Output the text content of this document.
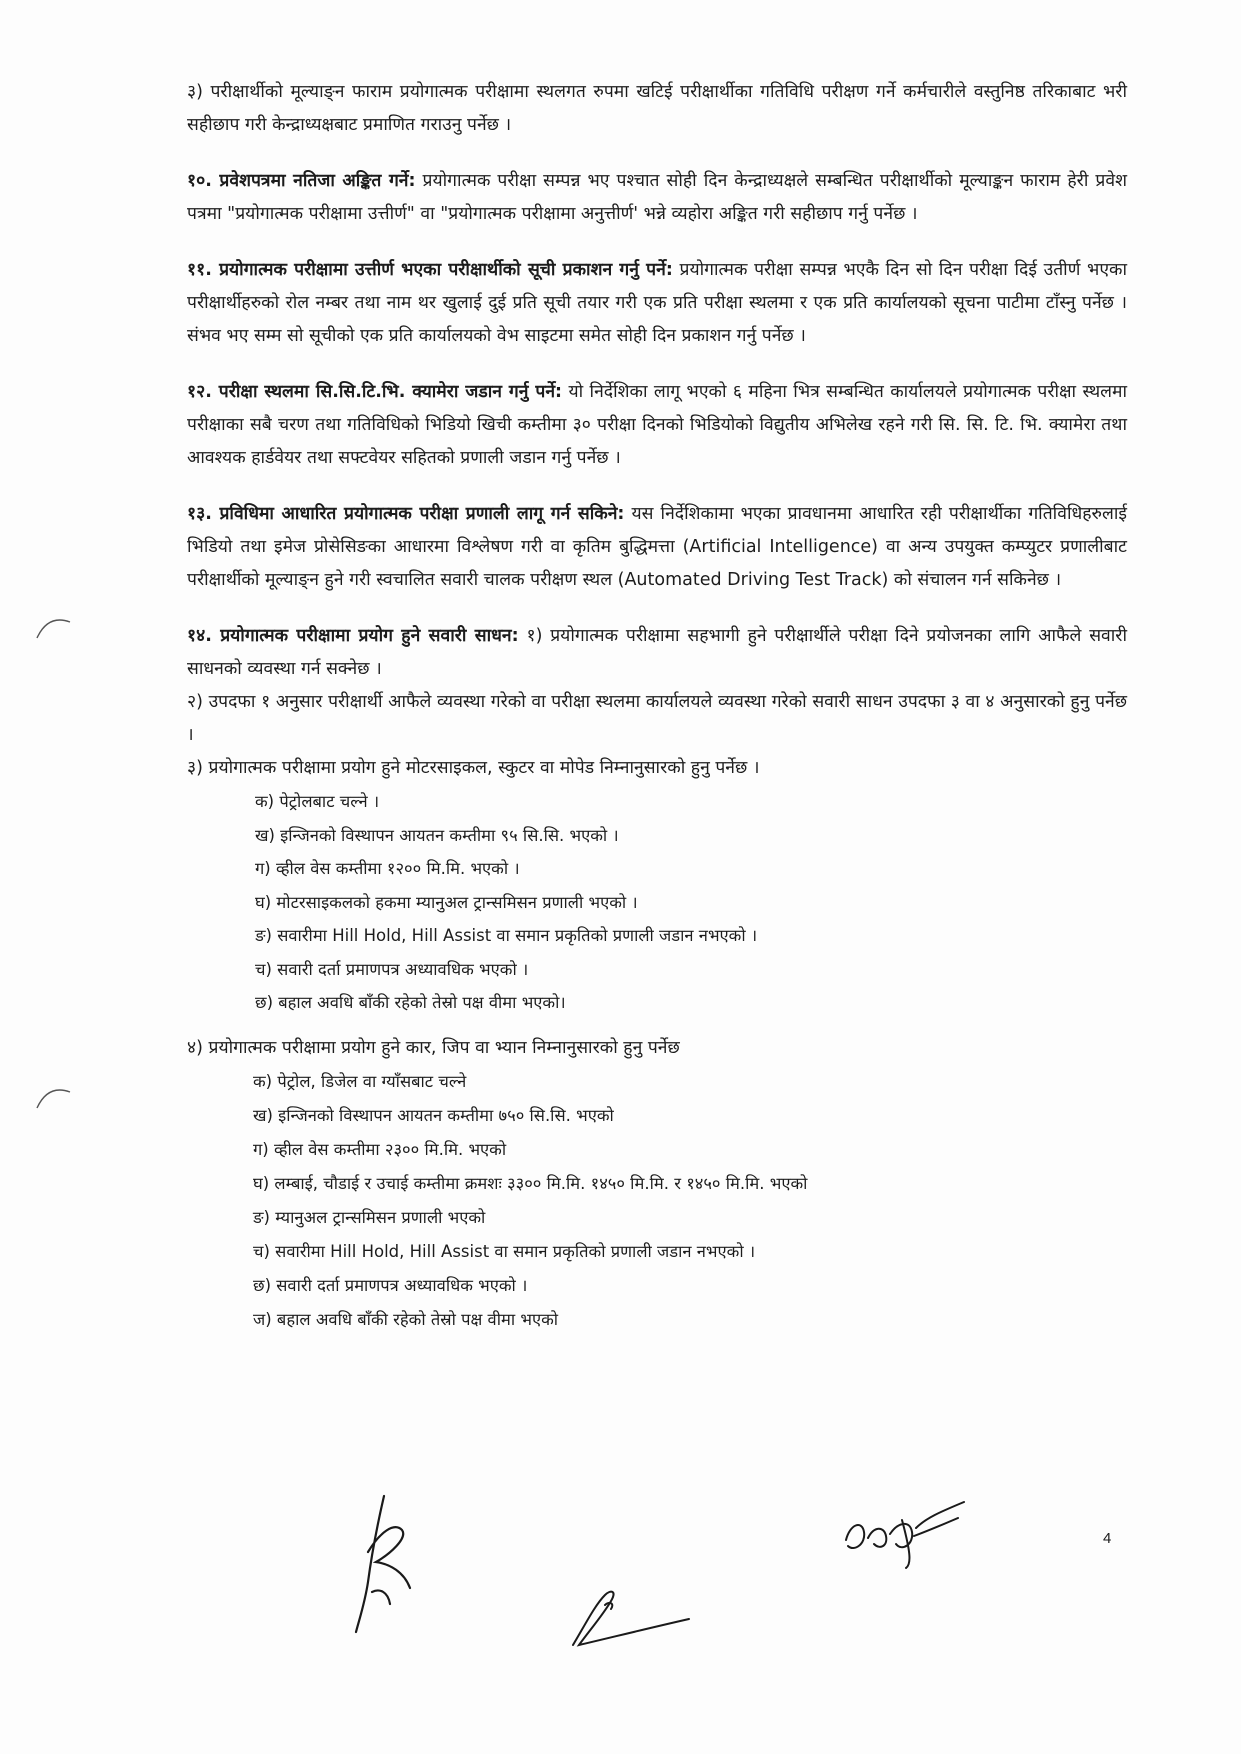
३) परीक्षार्थीको मूल्याङ्न फाराम प्रयोगात्मक परीक्षामा स्थलगत रुपमा खटिई परीक्षार्थीका गतिविधि परीक्षण गर्ने कर्मचारीले वस्तुनिष्ठ तरिकाबाट भरी सहीछाप गरी केन्द्राध्यक्षबाट प्रमाणित गराउनु पर्नेछ ।

१०. प्रवेशपत्रमा नतिजा अङ्कित गर्ने: प्रयोगात्मक परीक्षा सम्पन्न भए पश्चात सोही दिन केन्द्राध्यक्षले सम्बन्धित परीक्षार्थीको मूल्याङ्कन फाराम हेरी प्रवेश पत्रमा "प्रयोगात्मक परीक्षामा उत्तीर्ण" वा "प्रयोगात्मक परीक्षामा अनुत्तीर्ण' भन्ने व्यहोरा अङ्कित गरी सहीछाप गर्नु पर्नेछ ।

११. प्रयोगात्मक परीक्षामा उत्तीर्ण भएका परीक्षार्थीको सूची प्रकाशन गर्नु पर्ने: प्रयोगात्मक परीक्षा सम्पन्न भएकै दिन सो दिन परीक्षा दिई उतीर्ण भएका परीक्षार्थीहरुको रोल नम्बर तथा नाम थर खुलाई दुई प्रति सूची तयार गरी एक प्रति परीक्षा स्थलमा र एक प्रति कार्यालयको सूचना पाटीमा टाँस्नु पर्नेछ । संभव भए सम्म सो सूचीको एक प्रति कार्यालयको वेभ साइटमा समेत सोही दिन प्रकाशन गर्नु पर्नेछ ।

१२. परीक्षा स्थलमा सि.सि.टि.भि. क्यामेरा जडान गर्नु पर्ने: यो निर्देशिका लागू भएको ६ महिना भित्र सम्बन्धित कार्यालयले प्रयोगात्मक परीक्षा स्थलमा परीक्षाका सबै चरण तथा गतिविधिको भिडियो खिची कम्तीमा ३० परीक्षा दिनको भिडियोको विद्युतीय अभिलेख रहने गरी सि. सि. टि. भि. क्यामेरा तथा आवश्यक हार्डवेयर तथा सफ्टवेयर सहितको प्रणाली जडान गर्नु पर्नेछ ।

१३. प्रविधिमा आधारित प्रयोगात्मक परीक्षा प्रणाली लागू गर्न सकिने: यस निर्देशिकामा भएका प्रावधानमा आधारित रही परीक्षार्थीका गतिविधिहरुलाई भिडियो तथा इमेज प्रोसेसिङका आधारमा विश्लेषण गरी वा कृतिम बुद्धिमत्ता (Artificial Intelligence) वा अन्य उपयुक्त कम्प्युटर प्रणालीबाट परीक्षार्थीको मूल्याङ्न हुने गरी स्वचालित सवारी चालक परीक्षण स्थल (Automated Driving Test Track) को संचालन गर्न सकिनेछ ।

१४. प्रयोगात्मक परीक्षामा प्रयोग हुने सवारी साधन: १) प्रयोगात्मक परीक्षामा सहभागी हुने परीक्षार्थीले परीक्षा दिने प्रयोजनका लागि आफैले सवारी साधनको व्यवस्था गर्न सक्नेछ ।

२) उपदफा १ अनुसार परीक्षार्थी आफैले व्यवस्था गरेको वा परीक्षा स्थलमा कार्यालयले व्यवस्था गरेको सवारी साधन उपदफा ३ वा ४ अनुसारको हुनु पर्नेछ ।

३) प्रयोगात्मक परीक्षामा प्रयोग हुने मोटरसाइकल, स्कुटर वा मोपेड निम्नानुसारको हुनु पर्नेछ ।

क) पेट्रोलबाट चल्ने ।
ख) इन्जिनको विस्थापन आयतन कम्तीमा ९५ सि.सि. भएको ।
ग) व्हील वेस कम्तीमा १२०० मि.मि. भएको ।
घ) मोटरसाइकलको हकमा म्यानुअल ट्रान्समिसन प्रणाली भएको ।
ङ) सवारीमा Hill Hold, Hill Assist वा समान प्रकृतिको प्रणाली जडान नभएको ।
च) सवारी दर्ता प्रमाणपत्र अध्यावधिक भएको ।
छ) बहाल अवधि बाँकी रहेको तेस्रो पक्ष वीमा भएको।

४) प्रयोगात्मक परीक्षामा प्रयोग हुने कार, जिप वा भ्यान निम्नानुसारको हुनु पर्नेछ

क) पेट्रोल, डिजेल वा ग्याँसबाट चल्ने
ख) इन्जिनको विस्थापन आयतन कम्तीमा ७५० सि.सि. भएको
ग) व्हील वेस कम्तीमा २३०० मि.मि. भएको
घ) लम्बाई, चौडाई र उचाई कम्तीमा क्रमशः ३३०० मि.मि. १४५० मि.मि. र १४५० मि.मि. भएको
ङ) म्यानुअल ट्रान्समिसन प्रणाली भएको
च) सवारीमा Hill Hold, Hill Assist वा समान प्रकृतिको प्रणाली जडान नभएको ।
छ) सवारी दर्ता प्रमाणपत्र अध्यावधिक भएको ।
ज) बहाल अवधि बाँकी रहेको तेस्रो पक्ष वीमा भएको
4
